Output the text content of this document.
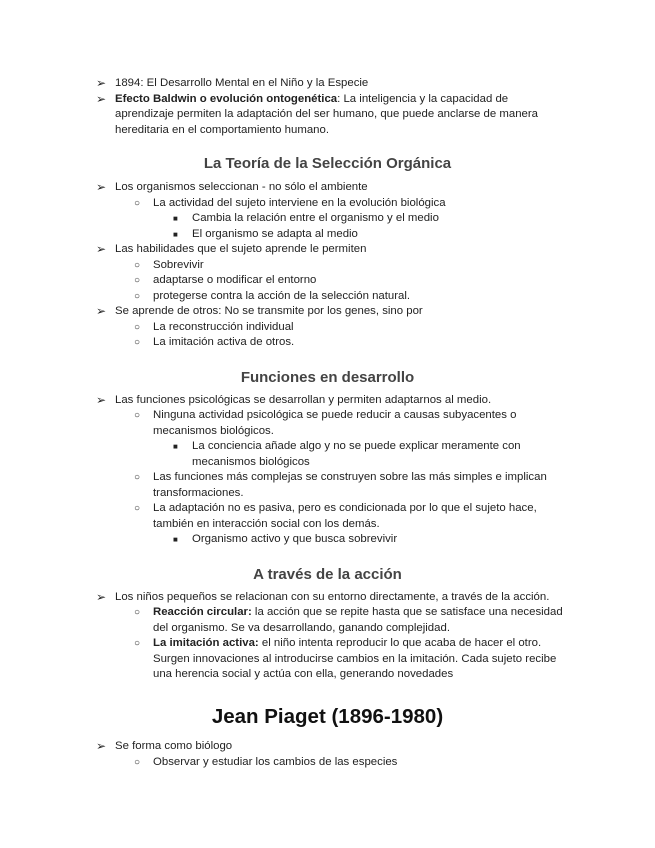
➢ 1894: El Desarrollo Mental en el Niño y la Especie
➢ Efecto Baldwin o evolución ontogenética: La inteligencia y la capacidad de
aprendizaje permiten la adaptación del ser humano, que puede anclarse de manera
hereditaria en el comportamiento humano.
La Teoría de la Selección Orgánica
➢ Los organismos seleccionan - no sólo el ambiente
○ La actividad del sujeto interviene en la evolución biológica
■ Cambia la relación entre el organismo y el medio
■ El organismo se adapta al medio
➢ Las habilidades que el sujeto aprende le permiten
○ Sobrevivir
○ adaptarse o modificar el entorno
○ protegerse contra la acción de la selección natural.
➢ Se aprende de otros: No se transmite por los genes, sino por
○ La reconstrucción individual
○ La imitación activa de otros.
Funciones en desarrollo
➢ Las funciones psicológicas se desarrollan y permiten adaptarnos al medio.
○ Ninguna actividad psicológica se puede reducir a causas subyacentes o
mecanismos biológicos.
■ La conciencia añade algo y no se puede explicar meramente con
mecanismos biológicos
○ Las funciones más complejas se construyen sobre las más simples e implican
transformaciones.
○ La adaptación no es pasiva, pero es condicionada por lo que el sujeto hace,
también en interacción social con los demás.
■ Organismo activo y que busca sobrevivir
A través de la acción
➢ Los niños pequeños se relacionan con su entorno directamente, a través de la acción.
○ Reacción circular: la acción que se repite hasta que se satisface una necesidad
del organismo. Se va desarrollando, ganando complejidad.
○ La imitación activa: el niño intenta reproducir lo que acaba de hacer el otro.
Surgen innovaciones al introducirse cambios en la imitación. Cada sujeto recibe
una herencia social y actúa con ella, generando novedades
Jean Piaget (1896-1980)
➢ Se forma como biólogo
○ Observar y estudiar los cambios de las especies
